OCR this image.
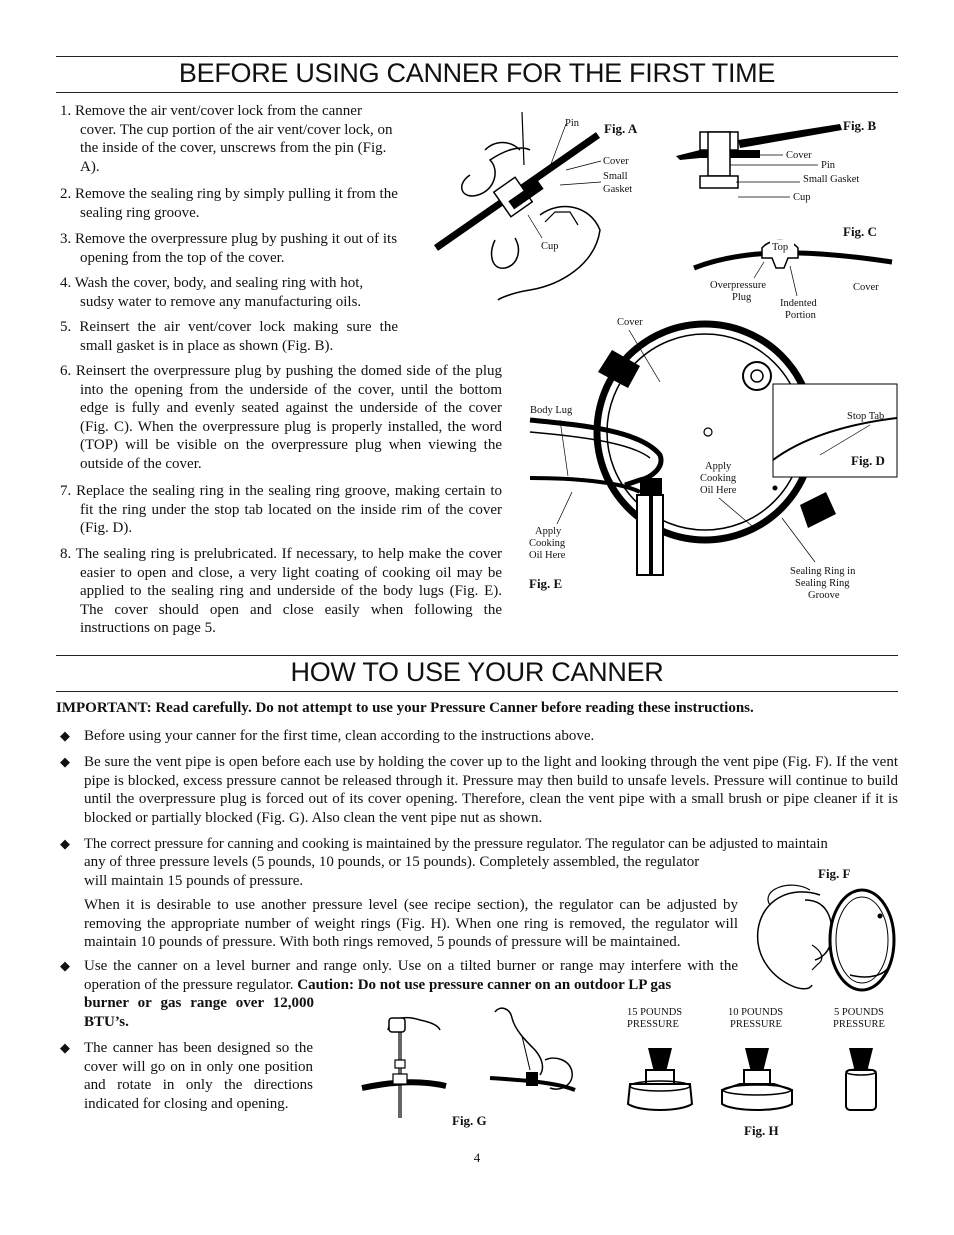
BEFORE USING CANNER FOR THE FIRST TIME
1. Remove the air vent/cover lock from the canner cover. The cup portion of the air vent/cover lock, on the inside of the cover, unscrews from the pin (Fig. A).
2. Remove the sealing ring by simply pulling it from the sealing ring groove.
3. Remove the overpressure plug by pushing it out of its opening from the top of the cover.
4. Wash the cover, body, and sealing ring with hot, sudsy water to remove any manufacturing oils.
5. Reinsert the air vent/cover lock making sure the small gasket is in place as shown (Fig. B).
6. Reinsert the overpressure plug by pushing the domed side of the plug into the opening from the underside of the cover, until the bottom edge is fully and evenly seated against the underside of the cover (Fig. C). When the overpressure plug is properly installed, the word (TOP) will be visible on the overpressure plug when viewing the outside of the cover.
7. Replace the sealing ring in the sealing ring groove, making certain to fit the ring under the stop tab located on the inside rim of the cover (Fig. D).
8. The sealing ring is prelubricated. If necessary, to help make the cover easier to open and close, a very light coating of cooking oil may be applied to the sealing ring and underside of the body lugs (Fig. E). The cover should open and close easily when following the instructions on page 5.
Pin Fig. A
Cover
Small
Gasket
Cup
Fig. B
Cover
Pin
Small Gasket
Cup
Fig. C
Top
Overpressure
Plug
Indented
Portion
Cover
Cover
Body Lug
Apply
Cooking
Oil Here
Apply
Cooking
Oil Here
Fig. E
Sealing Ring in
Sealing Ring
Groove
Stop Tab
Fig. D
HOW TO USE YOUR CANNER
IMPORTANT: Read carefully. Do not attempt to use your Pressure Canner before reading these instructions.
◆ Before using your canner for the first time, clean according to the instructions above.
◆ Be sure the vent pipe is open before each use by holding the cover up to the light and looking through the vent pipe (Fig. F). If the vent pipe is blocked, excess pressure cannot be released through it. Pressure may then build to unsafe levels. Pressure will continue to build until the overpressure plug is forced out of its cover opening. Therefore, clean the vent pipe with a small brush or pipe cleaner if it is blocked or partially blocked (Fig. G). Also clean the vent pipe nut as shown.
◆ The correct pressure for canning and cooking is maintained by the pressure regulator. The regulator can be adjusted to maintain
any of three pressure levels (5 pounds, 10 pounds, or 15 pounds). Completely assembled, the regulator will maintain 15 pounds of pressure.
When it is desirable to use another pressure level (see recipe section), the regulator can be adjusted by removing the appropriate number of weight rings (Fig. H). When one ring is removed, the regulator will maintain 10 pounds of pressure. With both rings removed, 5 pounds of pressure will be maintained.
◆ Use the canner on a level burner and range only. Use on a tilted burner or range may interfere with the operation of the pressure regulator. Caution: Do not use pressure canner on an outdoor LP gas
burner or gas range over 12,000 BTU’s.
◆ The canner has been designed so the cover will go on in only one position and rotate in only the directions indicated for closing and opening.
Fig. F
Fig. G
15 POUNDS
PRESSURE
10 POUNDS
PRESSURE
5 POUNDS
PRESSURE
Fig. H
4
